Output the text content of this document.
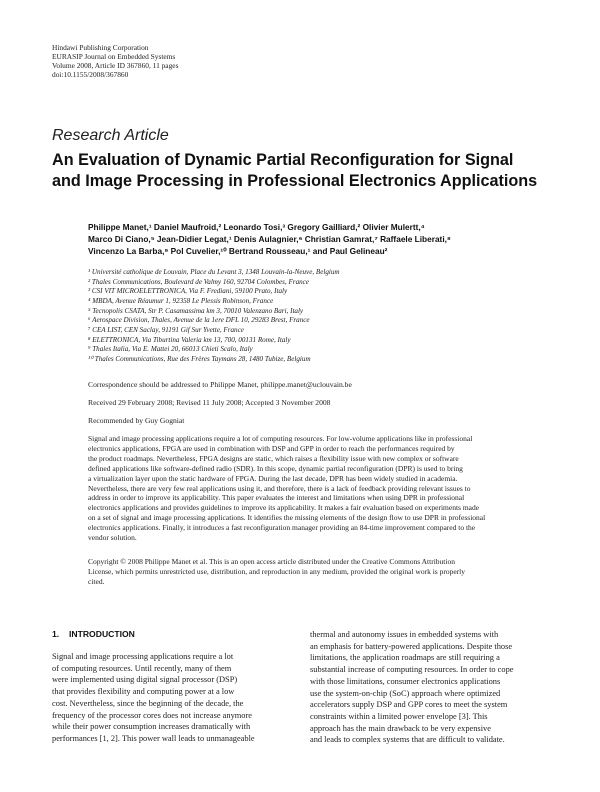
Hindawi Publishing Corporation
EURASIP Journal on Embedded Systems
Volume 2008, Article ID 367860, 11 pages
doi:10.1155/2008/367860
Research Article
An Evaluation of Dynamic Partial Reconfiguration for Signal
and Image Processing in Professional Electronics Applications
Philippe Manet,¹ Daniel Maufroid,² Leonardo Tosi,³ Gregory Gailliard,² Olivier Mulertt,⁴
Marco Di Ciano,⁵ Jean-Didier Legat,¹ Denis Aulagnier,⁶ Christian Gamrat,⁷ Raffaele Liberati,⁸
Vincenzo La Barba,⁹ Pol Cuvelier,¹⁰ Bertrand Rousseau,¹ and Paul Gelineau²
¹ Université catholique de Louvain, Place du Levant 3, 1348 Louvain-la-Neuve, Belgium
² Thales Communications, Boulevard de Valmy 160, 92704 Colombes, France
³ CSI VIT MICROELETTRONICA, Via F. Frediani, 59100 Prato, Italy
⁴ MBDA, Avenue Réaumur 1, 92358 Le Plessis Robinson, France
⁵ Tecnopolis CSATA, Str P. Casamassima km 3, 70010 Valenzano Bari, Italy
⁶ Aerospace Division, Thales, Avenue de la 1ere DFL 10, 29283 Brest, France
⁷ CEA LIST, CEN Saclay, 91191 Gif Sur Yvette, France
⁸ ELETTRONICA, Via Tiburtina Valeria km 13, 700, 00131 Rome, Italy
⁹ Thales Italia, Via E. Mattei 20, 66013 Chieti Scalo, Italy
¹⁰ Thales Communications, Rue des Frères Taymans 28, 1480 Tubize, Belgium
Correspondence should be addressed to Philippe Manet, philippe.manet@uclouvain.be
Received 29 February 2008; Revised 11 July 2008; Accepted 3 November 2008
Recommended by Guy Gogniat
Signal and image processing applications require a lot of computing resources. For low-volume applications like in professional
electronics applications, FPGA are used in combination with DSP and GPP in order to reach the performances required by
the product roadmaps. Nevertheless, FPGA designs are static, which raises a flexibility issue with new complex or software
defined applications like software-defined radio (SDR). In this scope, dynamic partial reconfiguration (DPR) is used to bring
a virtualization layer upon the static hardware of FPGA. During the last decade, DPR has been widely studied in academia.
Nevertheless, there are very few real applications using it, and therefore, there is a lack of feedback providing relevant issues to
address in order to improve its applicability. This paper evaluates the interest and limitations when using DPR in professional
electronics applications and provides guidelines to improve its applicability. It makes a fair evaluation based on experiments made
on a set of signal and image processing applications. It identifies the missing elements of the design flow to use DPR in professional
electronics applications. Finally, it introduces a fast reconfiguration manager providing an 84-time improvement compared to the
vendor solution.
Copyright © 2008 Philippe Manet et al. This is an open access article distributed under the Creative Commons Attribution
License, which permits unrestricted use, distribution, and reproduction in any medium, provided the original work is properly
cited.
1. INTRODUCTION
Signal and image processing applications require a lot
of computing resources. Until recently, many of them
were implemented using digital signal processor (DSP)
that provides flexibility and computing power at a low
cost. Nevertheless, since the beginning of the decade, the
frequency of the processor cores does not increase anymore
while their power consumption increases dramatically with
performances [1, 2]. This power wall leads to unmanageable
thermal and autonomy issues in embedded systems with
an emphasis for battery-powered applications. Despite those
limitations, the application roadmaps are still requiring a
substantial increase of computing resources. In order to cope
with those limitations, consumer electronics applications
use the system-on-chip (SoC) approach where optimized
accelerators supply DSP and GPP cores to meet the system
constraints within a limited power envelope [3]. This
approach has the main drawback to be very expensive
and leads to complex systems that are difficult to validate.
